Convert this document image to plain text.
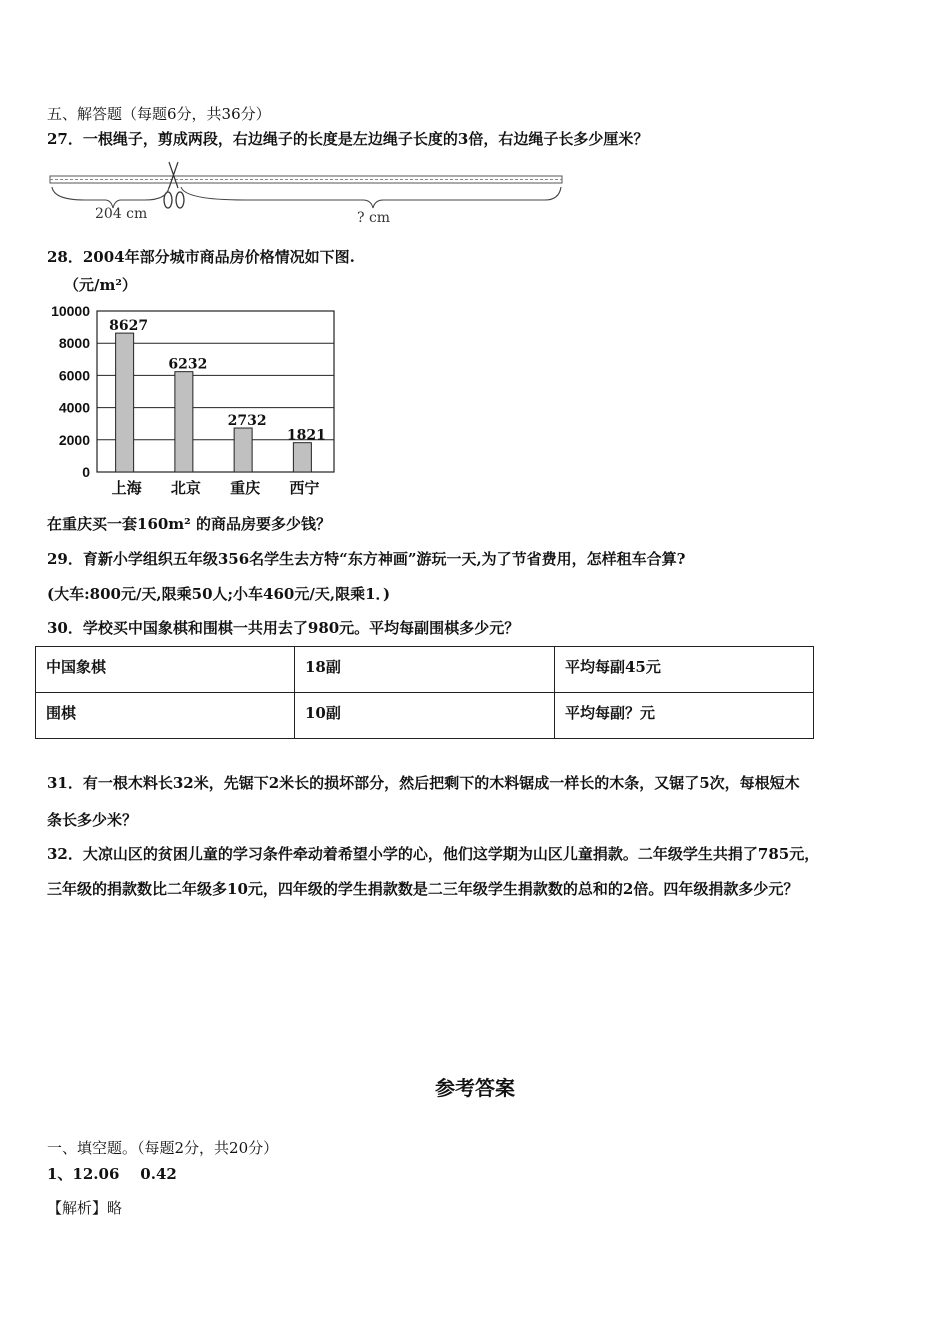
五、解答题（每题6分，共36分）
27．一根绳子，剪成两段，右边绳子的长度是左边绳子长度的3倍，右边绳子长多少厘米？
204 cm	? cm
28．2004年部分城市商品房价格情况如下图.
（元/m²）
0
2000
4000
6000
8000
10000
8627
上海
6232
北京
2732
重庆
1821
西宁
在重庆买一套160m² 的商品房要多少钱？
29．育新小学组织五年级356名学生去方特“东方神画”游玩一天,为了节省费用，怎样租车合算?
(大车:800元/天,限乘50人;小车460元/天,限乘1．)
30．学校买中国象棋和围棋一共用去了980元。平均每副围棋多少元？
中国象棋	18副	平均每副45元
围棋	10副	平均每副？元
31．有一根木料长32米，先锯下2米长的损坏部分，然后把剩下的木料锯成一样长的木条，又锯了5次，每根短木
条长多少米？
32．大凉山区的贫困儿童的学习条件牵动着希望小学的心，他们这学期为山区儿童捐款。二年级学生共捐了785元，
三年级的捐款数比二年级多10元，四年级的学生捐款数是二三年级学生捐款数的总和的2倍。四年级捐款多少元？
参考答案
一、填空题。（每题2分，共20分）
1、12.06    0.42
【解析】略
